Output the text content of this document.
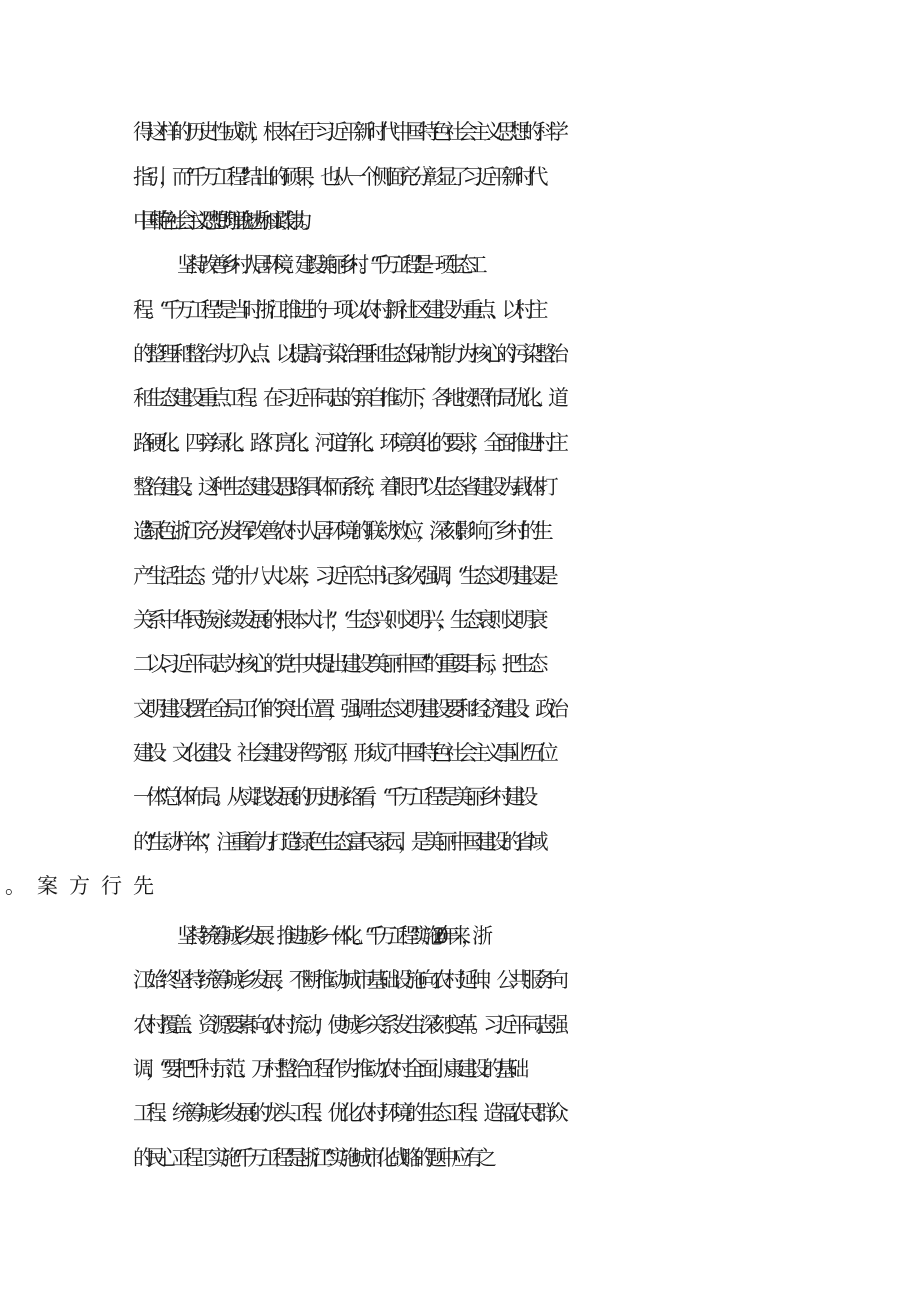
得这样的历史性成就，根本在于习近平新时代中国特色社会主义思想的科学
指引，而“千万工程”结出的硕果，也从一个侧面充分彰显了习近平新时代
中国特色社会主义思想的理论魅力和实践伟力。
坚持改善乡村人居环境、建设美丽乡村。“千万工程”是一项生态工
程。“千万工程”是当时浙江推进的一项以农村新社区建设为重点、以村庄
的整理和整治为切入点、以提高污染治理和生态保护能力为核心的污染整治
和生态建设重点工程。在习近平同志的亲自推动下，各地按照布局优化、道
路硬化、四旁绿化、路灯亮化、河道净化、环境美化的要求，全面推进村庄
整治建设。这种生态建设思路具体而系统，着眼于“以生态省建设为载体打
造'绿色浙江充分发挥改善农村人居环境的联动效应，深刻影响了乡村的生
产生活生态。党的十八大以来，习近平总书记多次强调，“生态文明建设是
关系中华民族永续发展的根本大计”，“生态兴则文明兴，生态衰则文明衰
二以习近平同志为核心的党中央提出建设“美丽中国”的重要目标，把生态
文明建设摆在全局工作的突出位置，强调生态文明建设要和经济建设、政治
建设、文化建设、社会建设并驾齐驱，形成了中国特色社会主义事业“五位
一体”总体布局。从实践发展的历史脉络看，“千万工程”是美丽乡村建设
的“生动样本”，注重着力打造绿色生态富民家园，是美丽中国建设的省域
坚持统筹城乡发展、推进城乡一体化。“千万工程”实施20年来，浙
江始终坚持统筹城乡发展，不断推动城市基础设施向农村延伸、公共服务向
农村覆盖、资源要素向农村流动，使城乡关系发生深刻变革。习近平同志强
调，“要把‘千村示范、万村整治'工程作为推动农村全面小康建设的基础
工程、统筹城乡发展的龙头工程、优化农村环境的生态工程、造福农民群众
的民心工程工实施“千万工程”是浙江“实施城市化战略的题中应有之
